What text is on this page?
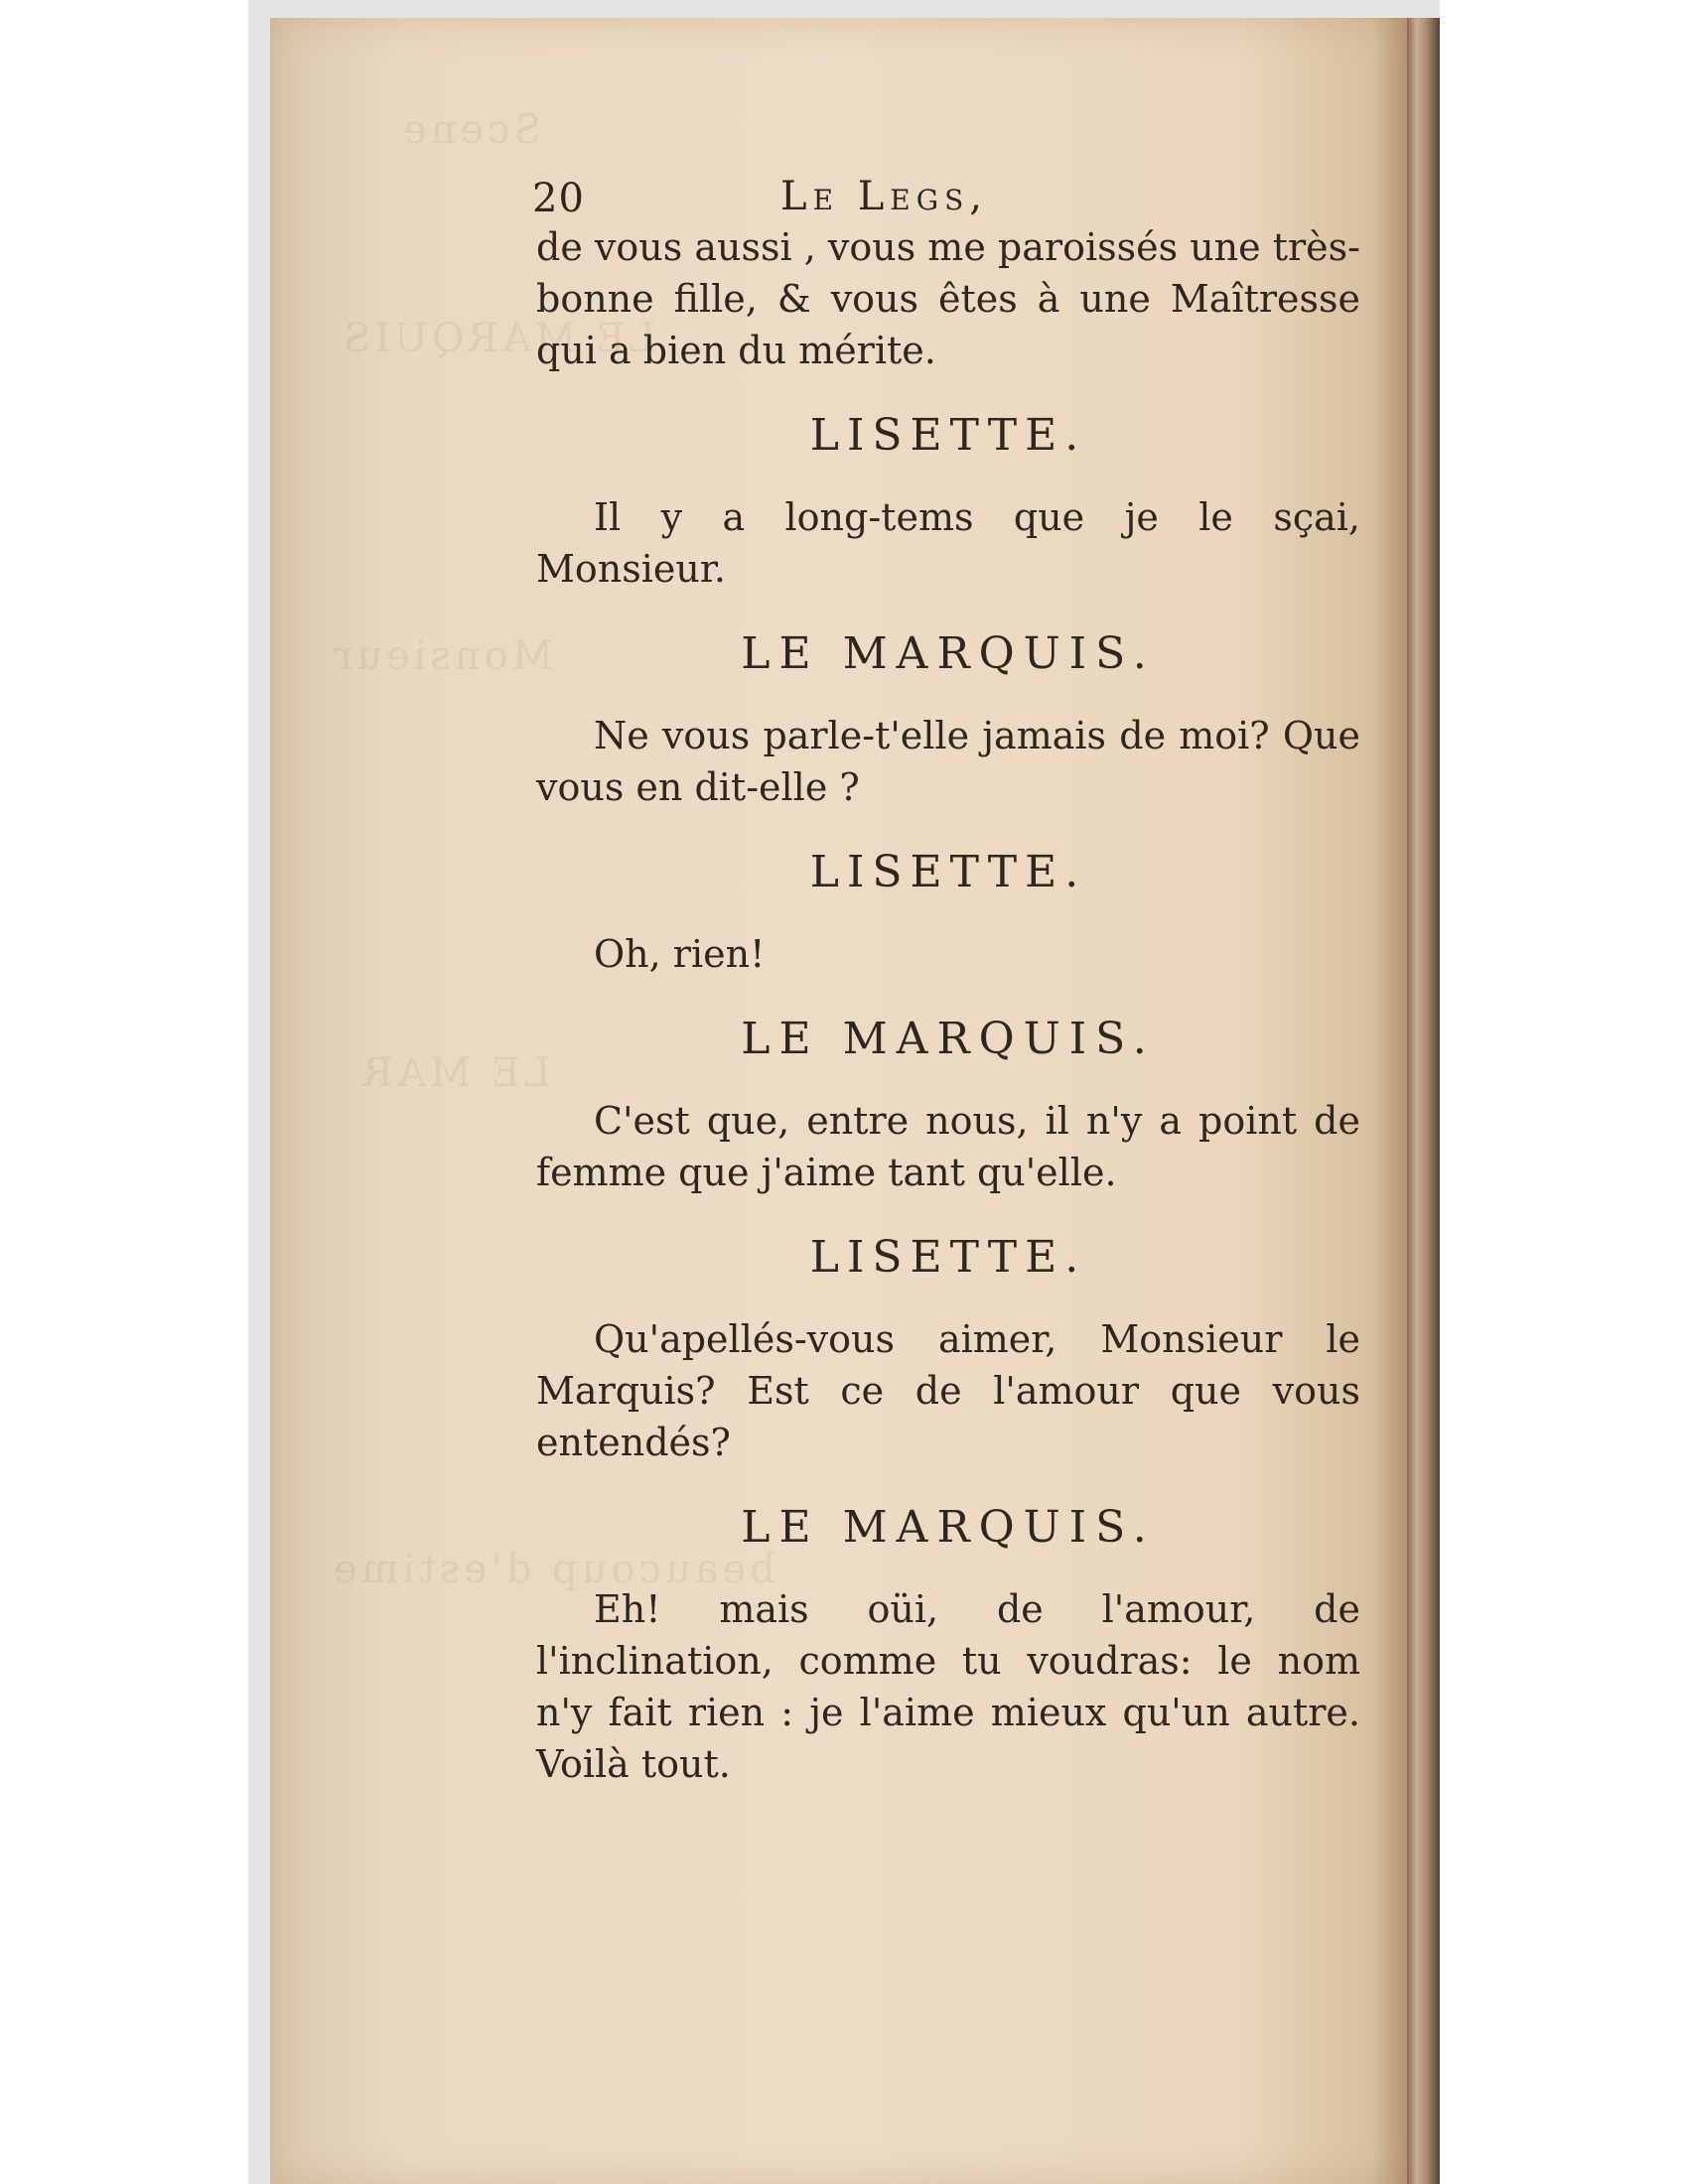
Scene
LE MARQUIS
Monsieur
LE MAR
beaucoup d'estime
20	Le Legs,

de vous aussi , vous me paroissés une très-bonne fille, & vous êtes à une Maîtresse qui a bien du mérite.

LISETTE.

Il y a long-tems que je le sçai, Monsieur.

LE MARQUIS.

Ne vous parle-t'elle jamais de moi? Que vous en dit-elle ?

LISETTE.

Oh, rien!

LE MARQUIS.

C'est que, entre nous, il n'y a point de femme que j'aime tant qu'elle.

LISETTE.

Qu'apellés-vous aimer, Monsieur le Marquis? Est ce de l'amour que vous entendés?

LE MARQUIS.

Eh! mais oüi, de l'amour, de l'inclination, comme tu voudras: le nom n'y fait rien : je l'aime mieux qu'un autre. Voilà tout.
